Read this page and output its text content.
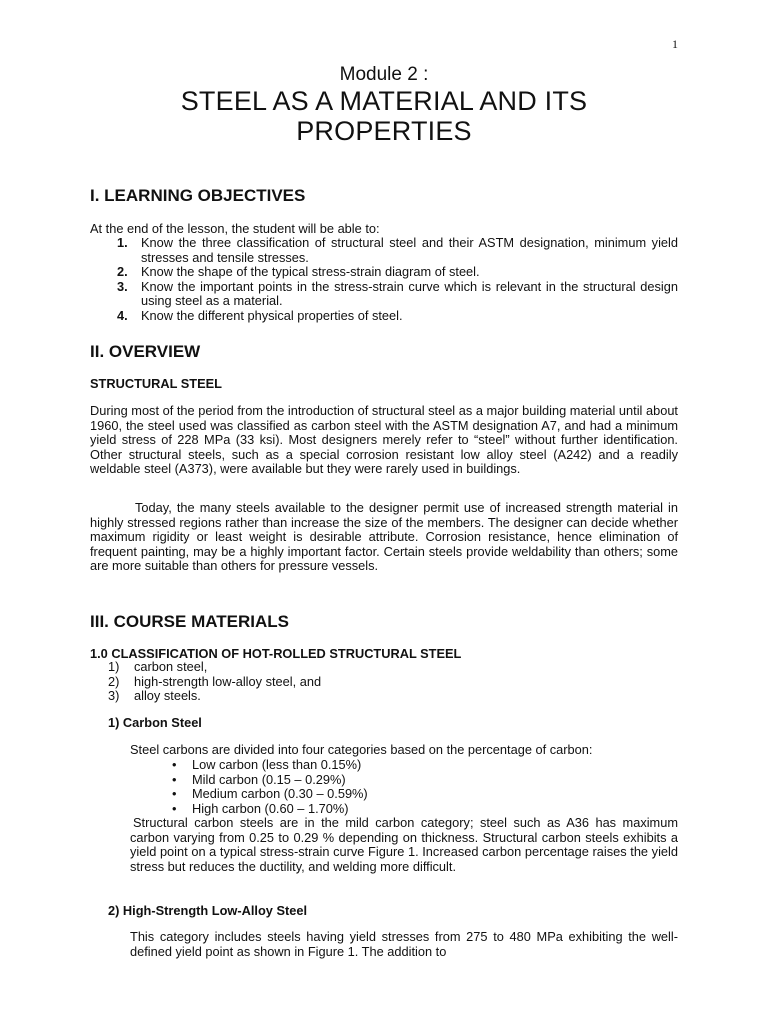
1
Module 2 :
STEEL AS A MATERIAL AND ITS
PROPERTIES
I. LEARNING OBJECTIVES
At the end of the lesson, the student will be able to:
1. Know the three classification of structural steel and their ASTM designation, minimum yield stresses and tensile stresses.
2. Know the shape of the typical stress-strain diagram of steel.
3. Know the important points in the stress-strain curve which is relevant in the structural design using steel as a material.
4. Know the different physical properties of steel.
II. OVERVIEW
STRUCTURAL STEEL
During most of the period from the introduction of structural steel as a major building material until about 1960, the steel used was classified as carbon steel with the ASTM designation A7, and had a minimum yield stress of 228 MPa (33 ksi). Most designers merely refer to “steel” without further identification. Other structural steels, such as a special corrosion resistant low alloy steel (A242) and a readily weldable steel (A373), were available but they were rarely used in buildings.
Today, the many steels available to the designer permit use of increased strength material in highly stressed regions rather than increase the size of the members. The designer can decide whether maximum rigidity or least weight is desirable attribute. Corrosion resistance, hence elimination of frequent painting, may be a highly important factor. Certain steels provide weldability than others; some are more suitable than others for pressure vessels.
III. COURSE MATERIALS
1.0 CLASSIFICATION OF HOT-ROLLED STRUCTURAL STEEL
1) carbon steel,
2) high-strength low-alloy steel, and
3) alloy steels.
1) Carbon Steel
Steel carbons are divided into four categories based on the percentage of carbon:
• Low carbon (less than 0.15%)
• Mild carbon (0.15 – 0.29%)
• Medium carbon (0.30 – 0.59%)
• High carbon (0.60 – 1.70%)
Structural carbon steels are in the mild carbon category; steel such as A36 has maximum carbon varying from 0.25 to 0.29 % depending on thickness. Structural carbon steels exhibits a yield point on a typical stress-strain curve Figure 1. Increased carbon percentage raises the yield stress but reduces the ductility, and welding more difficult.
2) High-Strength Low-Alloy Steel
This category includes steels having yield stresses from 275 to 480 MPa exhibiting the well- defined yield point as shown in Figure 1. The addition to
